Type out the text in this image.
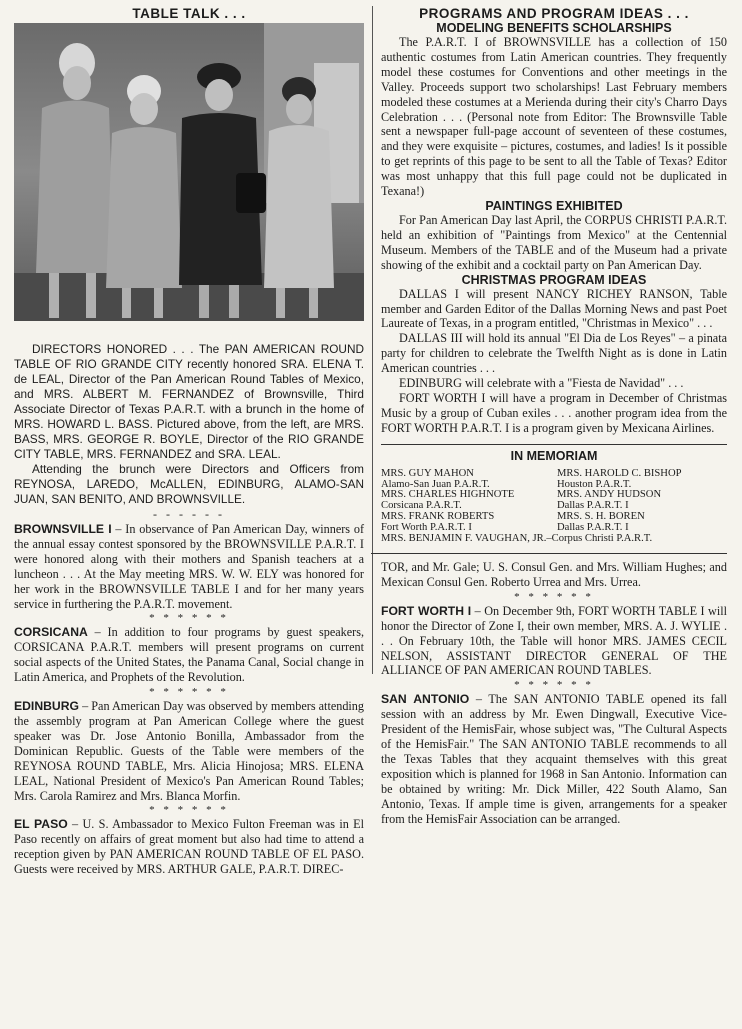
TABLE TALK . . .

DIRECTORS HONORED . . . The PAN AMERICAN ROUND TABLE OF RIO GRANDE CITY recently honored SRA. ELENA T. de LEAL, Director of the Pan American Round Tables of Mexico, and MRS. ALBERT M. FERNANDEZ of Brownsville, Third Associate Director of Texas P.A.R.T. with a brunch in the home of MRS. HOWARD L. BASS. Pictured above, from the left, are MRS. BASS, MRS. GEORGE R. BOYLE, Director of the RIO GRANDE CITY TABLE, MRS. FERNANDEZ and SRA. LEAL.

Attending the brunch were Directors and Officers from REYNOSA, LAREDO, McALLEN, EDINBURG, ALAMO-SAN JUAN, SAN BENITO, AND BROWNSVILLE.

- - - - - -

BROWNSVILLE I – In observance of Pan American Day, winners of the annual essay contest sponsored by the BROWNSVILLE P.A.R.T. I were honored along with their mothers and Spanish teachers at a luncheon . . . At the May meeting MRS. W. W. ELY was honored for her work in the BROWNSVILLE TABLE I and for her many years service in furthering the P.A.R.T. movement.

* * * * * *

CORSICANA – In addition to four programs by guest speakers, CORSICANA P.A.R.T. members will present programs on current social aspects of the United States, the Panama Canal, Social change in Latin America, and Prophets of the Revolution.

* * * * * *

EDINBURG – Pan American Day was observed by members attending the assembly program at Pan American College where the guest speaker was Dr. Jose Antonio Bonilla, Ambassador from the Dominican Republic. Guests of the Table were members of the REYNOSA ROUND TABLE, Mrs. Alicia Hinojosa; MRS. ELENA LEAL, National President of Mexico's Pan American Round Tables; Mrs. Carola Ramirez and Mrs. Blanca Morfin.

* * * * * *

EL PASO – U. S. Ambassador to Mexico Fulton Freeman was in El Paso recently on affairs of great moment but also had time to attend a reception given by PAN AMERICAN ROUND TABLE OF EL PASO. Guests were received by MRS. ARTHUR GALE, P.A.R.T. DIREC-

PROGRAMS AND PROGRAM IDEAS . . .

MODELING BENEFITS SCHOLARSHIPS

The P.A.R.T. I of BROWNSVILLE has a collection of 150 authentic costumes from Latin American countries. They frequently model these costumes for Conventions and other meetings in the Valley. Proceeds support two scholarships! Last February members modeled these costumes at a Merienda during their city's Charro Days Celebration . . . (Personal note from Editor: The Brownsville Table sent a newspaper full-page account of seventeen of these costumes, and they were exquisite – pictures, costumes, and ladies! Is it possible to get reprints of this page to be sent to all the Table of Texas? Editor was most unhappy that this full page could not be duplicated in Texana!)

PAINTINGS EXHIBITED

For Pan American Day last April, the CORPUS CHRISTI P.A.R.T. held an exhibition of "Paintings from Mexico" at the Centennial Museum. Members of the TABLE and of the Museum had a private showing of the exhibit and a cocktail party on Pan American Day.

CHRISTMAS PROGRAM IDEAS

DALLAS I will present NANCY RICHEY RANSON, Table member and Garden Editor of the Dallas Morning News and past Poet Laureate of Texas, in a program entitled, "Christmas in Mexico" . . .

DALLAS III will hold its annual "El Dia de Los Reyes" – a pinata party for children to celebrate the Twelfth Night as is done in Latin American countries . . .

EDINBURG will celebrate with a "Fiesta de Navidad" . . .

FORT WORTH I will have a program in December of Christmas Music by a group of Cuban exiles . . . another program idea from the FORT WORTH P.A.R.T. I is a program given by Mexicana Airlines.

IN MEMORIAM

MRS. GUY MAHON	MRS. HAROLD C. BISHOP
Alamo-San Juan P.A.R.T.	Houston P.A.R.T.
MRS. CHARLES HIGHNOTE	MRS. ANDY HUDSON
Corsicana P.A.R.T.	Dallas P.A.R.T. I
MRS. FRANK ROBERTS	MRS. S. H. BOREN
Fort Worth P.A.R.T. I	Dallas P.A.R.T. I
MRS. BENJAMIN F. VAUGHAN, JR.–Corpus Christi P.A.R.T.

TOR, and Mr. Gale; U. S. Consul Gen. and Mrs. William Hughes; and Mexican Consul Gen. Roberto Urrea and Mrs. Urrea.

* * * * * *

FORT WORTH I – On December 9th, FORT WORTH TABLE I will honor the Director of Zone I, their own member, MRS. A. J. WYLIE . . . On February 10th, the Table will honor MRS. JAMES CECIL NELSON, ASSISTANT DIRECTOR GENERAL OF THE ALLIANCE OF PAN AMERICAN ROUND TABLES.

* * * * * *

SAN ANTONIO – The SAN ANTONIO TABLE opened its fall session with an address by Mr. Ewen Dingwall, Executive Vice-President of the HemisFair, whose subject was, "The Cultural Aspects of the HemisFair." The SAN ANTONIO TABLE recommends to all the Texas Tables that they acquaint themselves with this great exposition which is planned for 1968 in San Antonio. Information can be obtained by writing: Mr. Dick Miller, 422 South Alamo, San Antonio, Texas. If ample time is given, arrangements for a speaker from the HemisFair Association can be arranged.
